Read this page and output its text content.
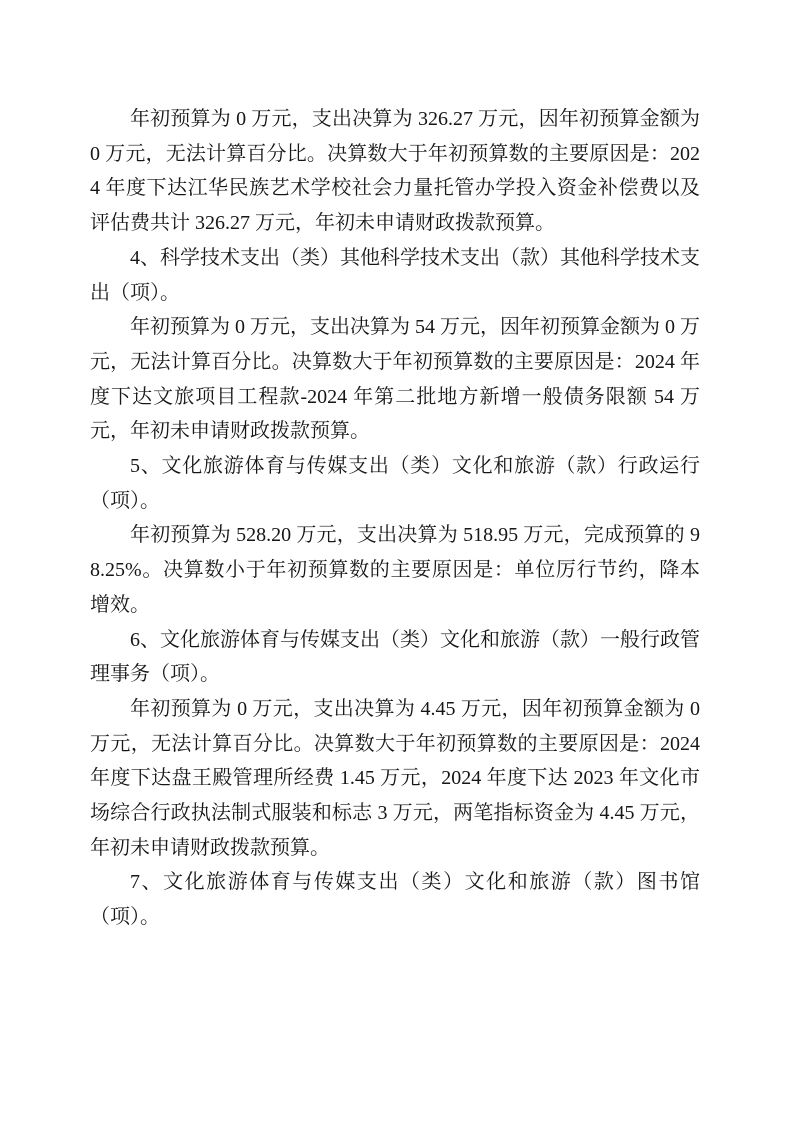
年初预算为 0 万元，支出决算为 326.27 万元，因年初预算金额为 0 万元，无法计算百分比。决算数大于年初预算数的主要原因是：2024 年度下达江华民族艺术学校社会力量托管办学投入资金补偿费以及评估费共计 326.27 万元，年初未申请财政拨款预算。

4、科学技术支出（类）其他科学技术支出（款）其他科学技术支出（项）。

年初预算为 0 万元，支出决算为 54 万元，因年初预算金额为 0 万元，无法计算百分比。决算数大于年初预算数的主要原因是：2024 年度下达文旅项目工程款-2024 年第二批地方新增一般债务限额 54 万元，年初未申请财政拨款预算。

5、文化旅游体育与传媒支出（类）文化和旅游（款）行政运行（项）。

年初预算为 528.20 万元，支出决算为 518.95 万元，完成预算的 98.25%。决算数小于年初预算数的主要原因是：单位厉行节约，降本增效。

6、文化旅游体育与传媒支出（类）文化和旅游（款）一般行政管理事务（项）。

年初预算为 0 万元，支出决算为 4.45 万元，因年初预算金额为 0 万元，无法计算百分比。决算数大于年初预算数的主要原因是：2024 年度下达盘王殿管理所经费 1.45 万元，2024 年度下达 2023 年文化市场综合行政执法制式服装和标志 3 万元，两笔指标资金为 4.45 万元，年初未申请财政拨款预算。

7、文化旅游体育与传媒支出（类）文化和旅游（款）图书馆（项）。
